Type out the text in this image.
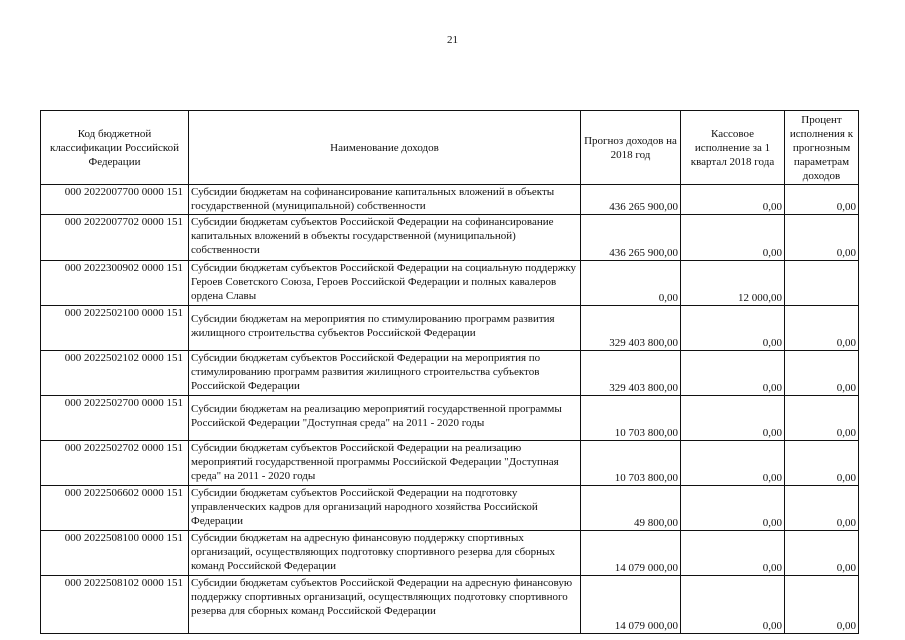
21
Код бюджетной классификации Российской Федерации	Наименование доходов	Прогноз доходов на 2018 год	Кассовое исполнение за 1 квартал 2018 года	Процент исполнения к прогнозным параметрам доходов
000 2022007700 0000 151	Субсидии бюджетам на софинансирование капитальных вложений в объекты государственной (муниципальной) собственности	436 265 900,00	0,00	0,00
000 2022007702 0000 151	Субсидии бюджетам субъектов Российской Федерации на софинансирование капитальных вложений в объекты государственной (муниципальной) собственности	436 265 900,00	0,00	0,00
000 2022300902 0000 151	Субсидии бюджетам субъектов Российской Федерации на социальную поддержку Героев Советского Союза, Героев Российской Федерации и полных кавалеров ордена Славы	0,00	12 000,00	
000 2022502100 0000 151	Субсидии бюджетам на мероприятия по стимулированию программ развития жилищного строительства субъектов Российской Федерации	329 403 800,00	0,00	0,00
000 2022502102 0000 151	Субсидии бюджетам субъектов Российской Федерации на мероприятия по стимулированию программ развития жилищного строительства субъектов Российской Федерации	329 403 800,00	0,00	0,00
000 2022502700 0000 151	Субсидии бюджетам на реализацию мероприятий государственной программы Российской Федерации "Доступная среда" на 2011 - 2020 годы	10 703 800,00	0,00	0,00
000 2022502702 0000 151	Субсидии бюджетам субъектов Российской Федерации на реализацию мероприятий государственной программы Российской Федерации "Доступная среда" на 2011 - 2020 годы	10 703 800,00	0,00	0,00
000 2022506602 0000 151	Субсидии бюджетам субъектов Российской Федерации на подготовку управленческих кадров для организаций народного хозяйства Российской Федерации	49 800,00	0,00	0,00
000 2022508100 0000 151	Субсидии бюджетам на адресную финансовую поддержку спортивных организаций, осуществляющих подготовку спортивного резерва для сборных команд Российской Федерации	14 079 000,00	0,00	0,00
000 2022508102 0000 151	Субсидии бюджетам субъектов Российской Федерации на адресную финансовую поддержку спортивных организаций, осуществляющих подготовку спортивного резерва для сборных команд Российской Федерации	14 079 000,00	0,00	0,00
